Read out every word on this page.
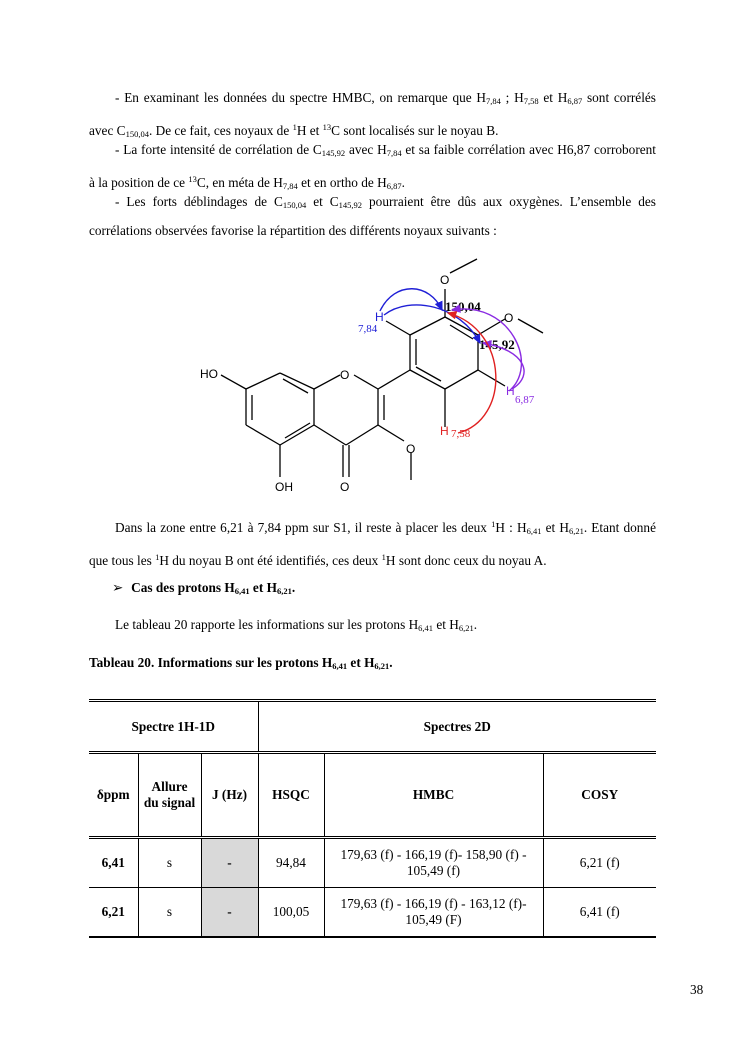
- En examinant les données du spectre HMBC, on remarque que $H_{7,84}$ ; $H_{7,58}$ et $H_{6,87}$ sont corrélés avec $C_{150,04}$. De ce fait, ces noyaux de $^1$H et $^{13}$C sont localisés sur le noyau B.
- La forte intensité de corrélation de $C_{145,92}$ avec $H_{7,84}$ et sa faible corrélation avec H6,87 corroborent à la position de ce $^{13}$C, en méta de $H_{7,84}$ et en ortho de $H_{6,87}$.
- Les forts déblindages de $C_{150,04}$ et $C_{145,92}$ pourraient être dûs aux oxygènes. L’ensemble des corrélations observées favorise la répartition des différents noyaux suivants :
O
150,04
O
145,92
H
7,84
HO	O
H
6,87
H 7,58
O
OH	O
Dans la zone entre 6,21 à 7,84 ppm sur S1, il reste à placer les deux $^1$H : $H_{6,41}$ et $H_{6,21}$. Etant donné que tous les $^1$H du noyau B ont été identifiés, ces deux $^1$H sont donc ceux du noyau A.
➢ Cas des protons $H_{6,41}$ et $H_{6,21}$.
Le tableau 20 rapporte les informations sur les protons $H_{6,41}$ et $H_{6,21}$.
Tableau 20. Informations sur les protons $H_{6,41}$ et $H_{6,21}$.
Spectre 1H-1D			Spectres 2D		
δppm	Allure du signal	J (Hz)	HSQC	HMBC	COSY
6,41	s	-	94,84	179,63 (f) - 166,19 (f)- 158,90 (f) - 105,49 (f)	6,21 (f)
6,21	s	-	100,05	179,63 (f) - 166,19 (f) - 163,12 (f)- 105,49 (F)	6,41 (f)
38
